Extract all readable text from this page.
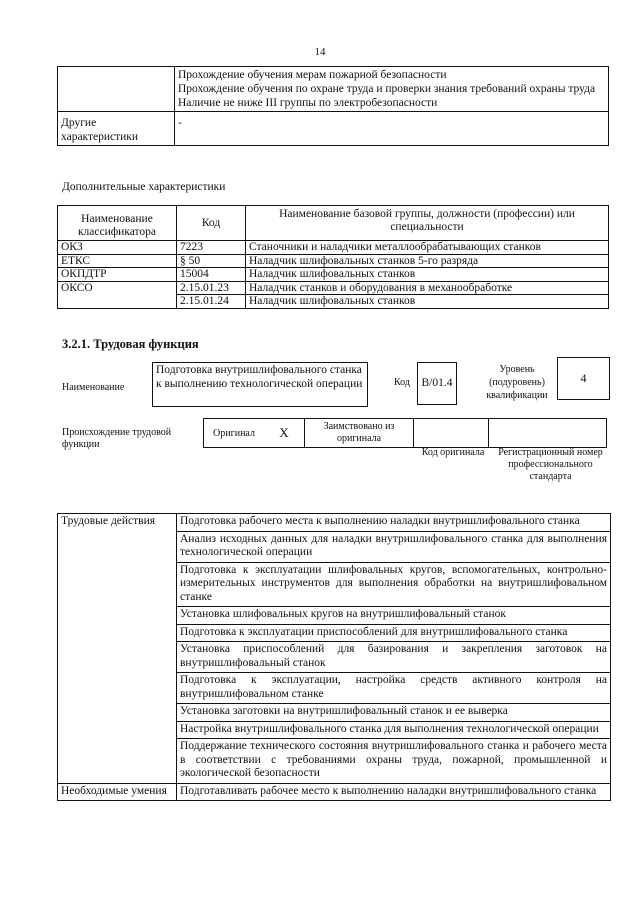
14

	Прохождение обучения мерам пожарной безопасности
Прохождение обучения по охране труда и проверки знания требований охраны труда
Наличие не ниже III группы по электробезопасности

Другие характеристики	-
Дополнительные характеристики
Наименование классификатора	Код	Наименование базовой группы, должности (профессии) или специальности
ОКЗ	7223	Станочники и наладчики металлообрабатывающих станков
ЕТКС	§ 50	Наладчик шлифовальных станков 5-го разряда
ОКПДТР	15004	Наладчик шлифовальных станков
ОКСО	2.15.01.23	Наладчик станков и оборудования в механообработке
	2.15.01.24	Наладчик шлифовальных станков
3.2.1. Трудовая функция
Наименование
Подготовка внутришлифовального станка к выполнению технологической операции	Код	B/01.4
Уровень (подуровень) квалификации
4
Происхождение трудовой функции
Оригинал	X	Заимствовано из оригинала		
Код оригинала	Регистрационный номер профессионального стандарта
Трудовые действия	Подготовка рабочего места к выполнению наладки внутришлифовального станка
	Анализ исходных данных для наладки внутришлифовального станка для выполнения технологической операции
	Подготовка к эксплуатации шлифовальных кругов, вспомогательных, контрольно-измерительных инструментов для выполнения обработки на внутришлифовальном станке
	Установка шлифовальных кругов на внутришлифовальный станок
	Подготовка к эксплуатации приспособлений для внутришлифовального станка
	Установка приспособлений для базирования и закрепления заготовок на внутришлифовальный станок
	Подготовка к эксплуатации, настройка средств активного контроля на внутришлифовальном станке
	Установка заготовки на внутришлифовальный станок и ее выверка
	Настройка внутришлифовального станка для выполнения технологической операции
	Поддержание технического состояния внутришлифовального станка и рабочего места в соответствии с требованиями охраны труда, пожарной, промышленной и экологической безопасности
Необходимые умения	Подготавливать рабочее место к выполнению наладки внутришлифовального станка
